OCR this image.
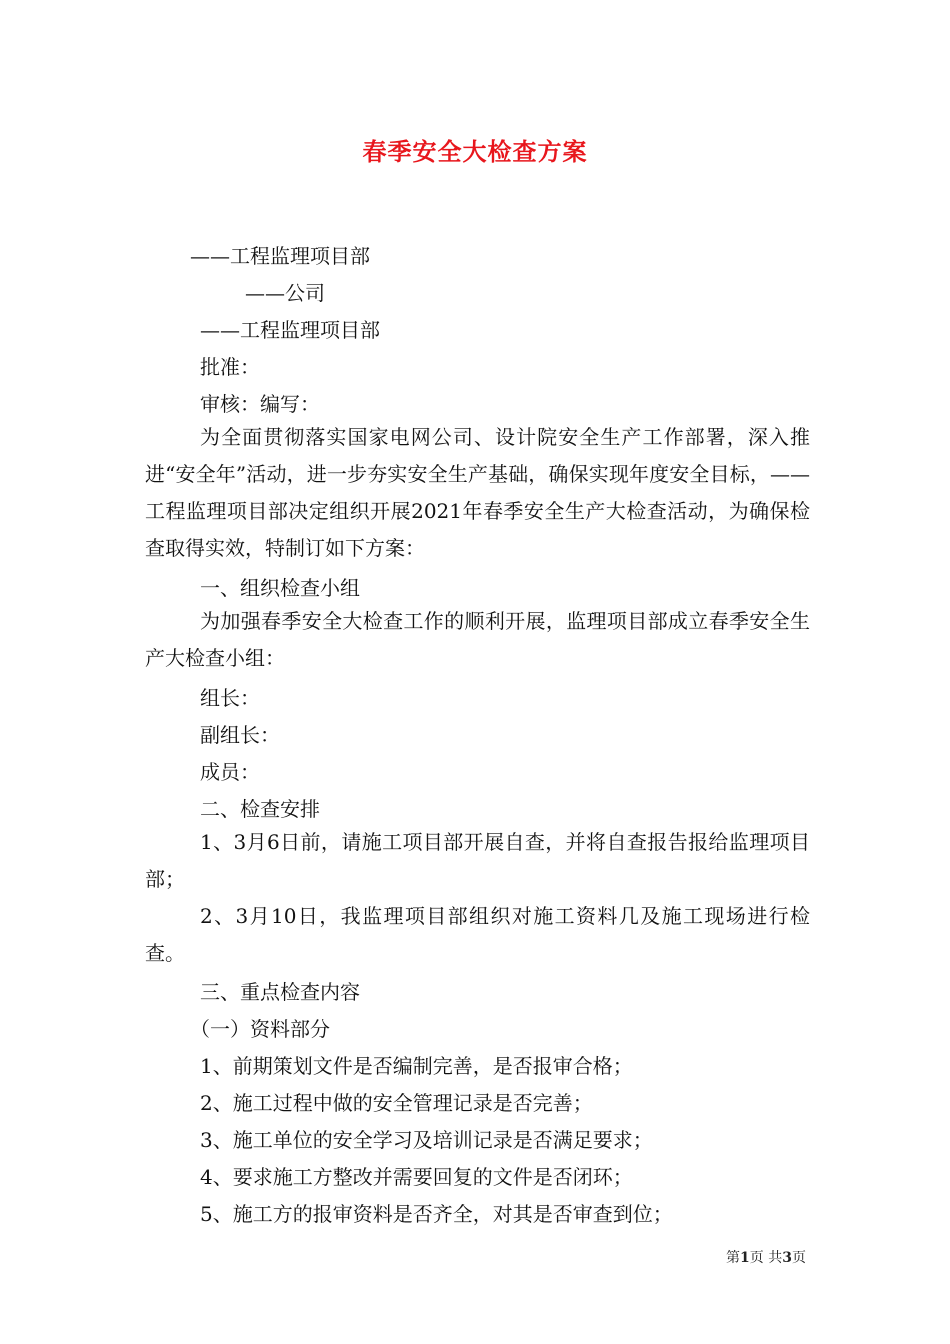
春季安全大检查方案
——工程监理项目部
——公司
——工程监理项目部
批准：
审核：编写：
为全面贯彻落实国家电网公司、设计院安全生产工作部署，深入推进“安全年”活动，进一步夯实安全生产基础，确保实现年度安全目标，——工程监理项目部决定组织开展2021年春季安全生产大检查活动，为确保检查取得实效，特制订如下方案：
一、组织检查小组
为加强春季安全大检查工作的顺利开展，监理项目部成立春季安全生产大检查小组：
组长：
副组长：
成员：
二、检查安排
1、3月6日前，请施工项目部开展自查，并将自查报告报给监理项目部；
2、3月10日，我监理项目部组织对施工资料几及施工现场进行检查。
三、重点检查内容
（一）资料部分
1、前期策划文件是否编制完善，是否报审合格；
2、施工过程中做的安全管理记录是否完善；
3、施工单位的安全学习及培训记录是否满足要求；
4、要求施工方整改并需要回复的文件是否闭环；
5、施工方的报审资料是否齐全，对其是否审查到位；
第1页 共3页
